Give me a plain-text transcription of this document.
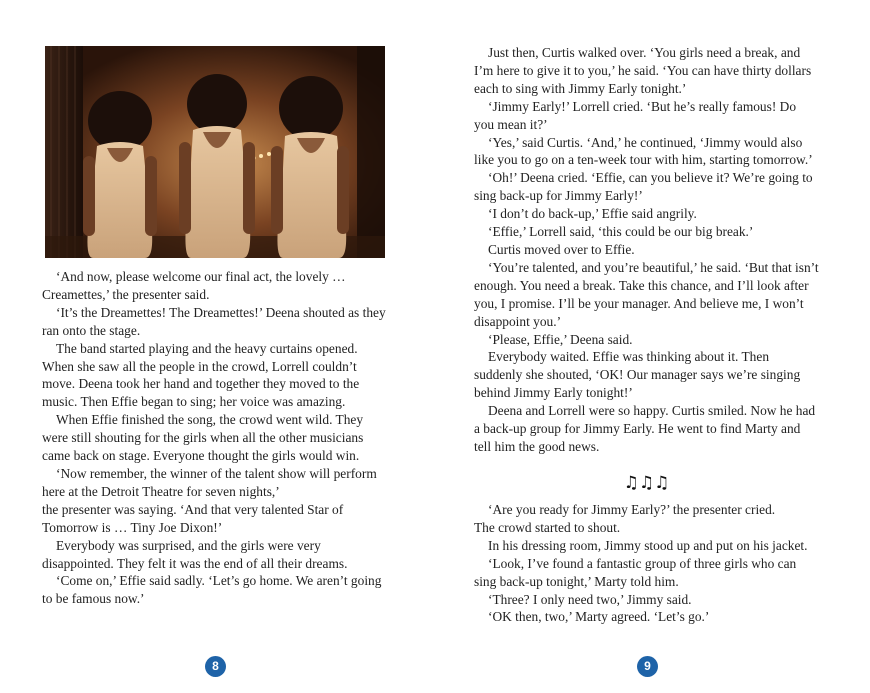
‘And now, please welcome our final act, the lovely … Creamettes,’ the presenter said.

‘It’s the Dreamettes! The Dreamettes!’ Deena shouted as they ran onto the stage.

The band started playing and the heavy curtains opened. When she saw all the people in the crowd, Lorrell couldn’t move. Deena took her hand and together they moved to the music. Then Effie began to sing; her voice was amazing.

When Effie finished the song, the crowd went wild. They were still shouting for the girls when all the other musicians came back on stage. Everyone thought the girls would win.

‘Now remember, the winner of the talent show will perform here at the Detroit Theatre for seven nights,’

the presenter was saying. ‘And that very talented Star of Tomorrow is … Tiny Joe Dixon!’

Everybody was surprised, and the girls were very disappointed. They felt it was the end of all their dreams.

‘Come on,’ Effie said sadly. ‘Let’s go home. We aren’t going to be famous now.’

8

Just then, Curtis walked over. ‘You girls need a break, and I’m here to give it to you,’ he said. ‘You can have thirty dollars each to sing with Jimmy Early tonight.’

‘Jimmy Early!’ Lorrell cried. ‘But he’s really famous! Do you mean it?’

‘Yes,’ said Curtis. ‘And,’ he continued, ‘Jimmy would also like you to go on a ten-week tour with him, starting tomorrow.’

‘Oh!’ Deena cried. ‘Effie, can you believe it? We’re going to sing back-up for Jimmy Early!’

‘I don’t do back-up,’ Effie said angrily.

‘Effie,’ Lorrell said, ‘this could be our big break.’

Curtis moved over to Effie.

‘You’re talented, and you’re beautiful,’ he said. ‘But that isn’t enough. You need a break. Take this chance, and I’ll look after you, I promise. I’ll be your manager. And believe me, I won’t disappoint you.’

‘Please, Effie,’ Deena said.

Everybody waited. Effie was thinking about it. Then suddenly she shouted, ‘OK! Our manager says we’re singing behind Jimmy Early tonight!’

Deena and Lorrell were so happy. Curtis smiled. Now he had a back-up group for Jimmy Early. He went to find Marty and tell him the good news.

♫♫♫

‘Are you ready for Jimmy Early?’ the presenter cried.

The crowd started to shout.

In his dressing room, Jimmy stood up and put on his jacket.

‘Look, I’ve found a fantastic group of three girls who can sing back-up tonight,’ Marty told him.

‘Three? I only need two,’ Jimmy said.

‘OK then, two,’ Marty agreed. ‘Let’s go.’

9
